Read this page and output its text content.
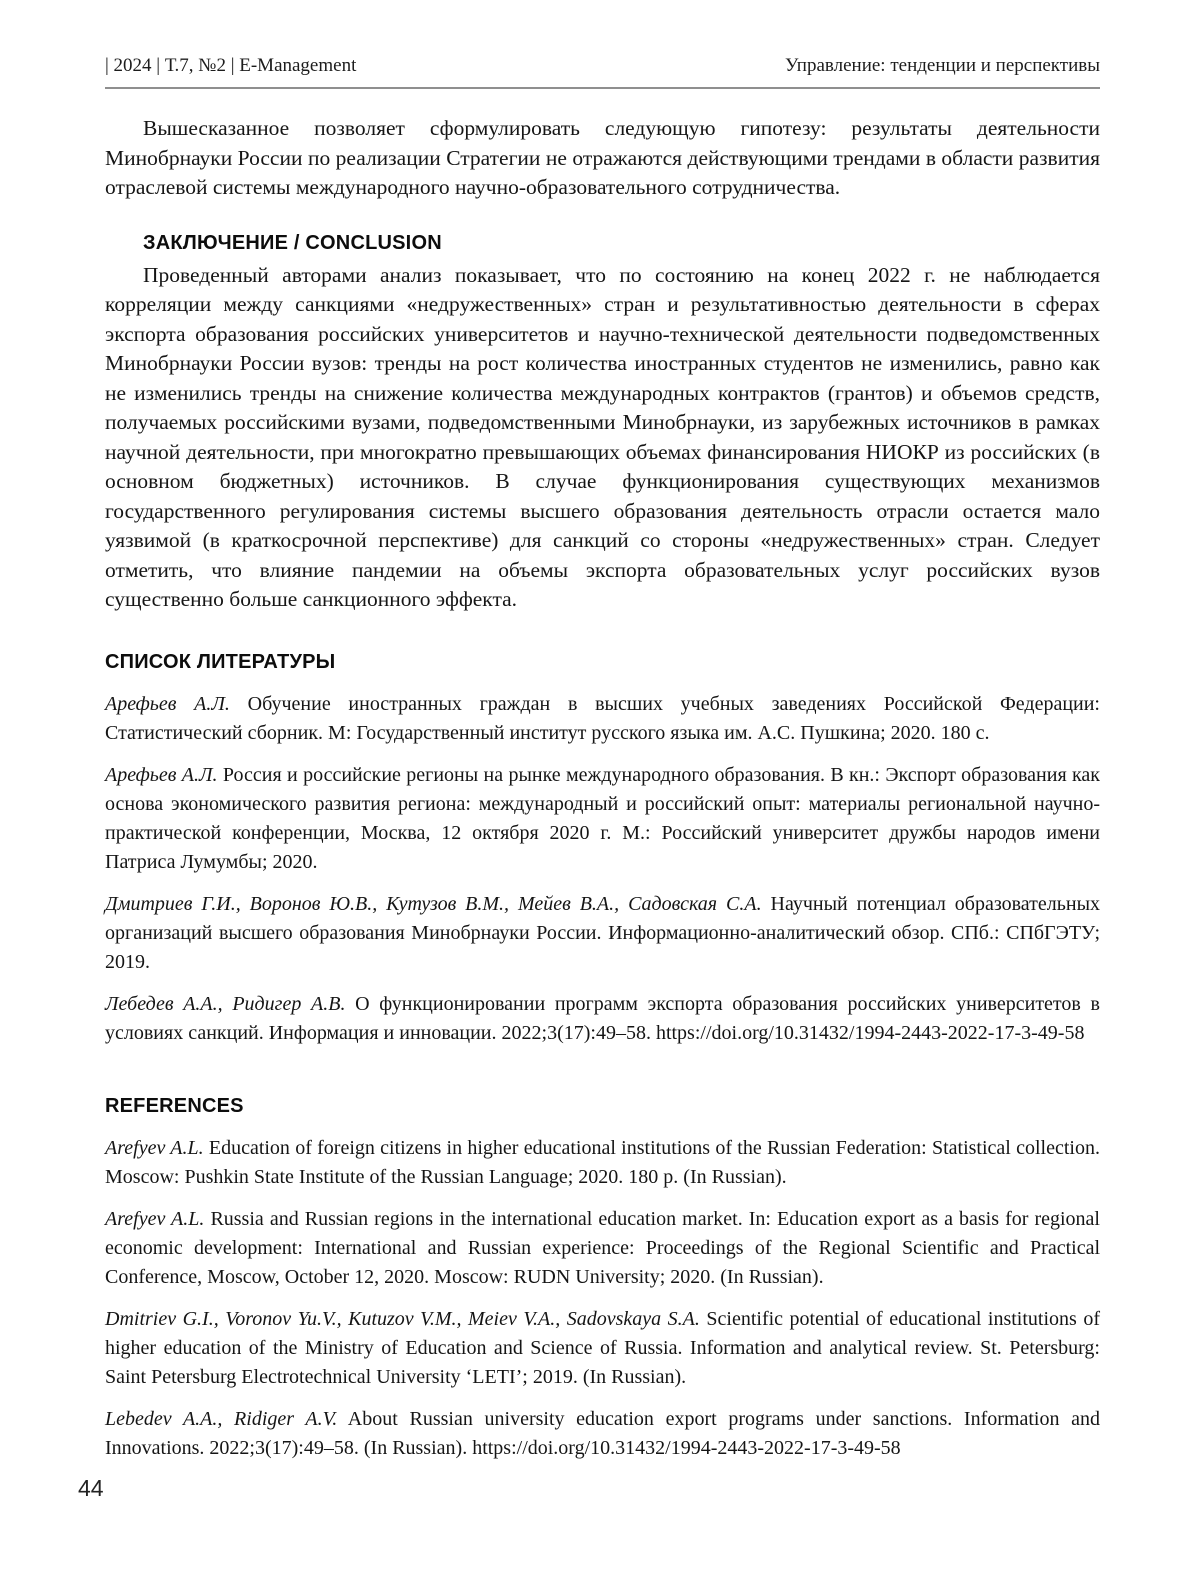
| 2024 | Т.7, №2 | E-Management	Управление: тенденции и перспективы

Вышесказанное позволяет сформулировать следующую гипотезу: результаты деятельности Минобрнауки России по реализации Стратегии не отражаются действующими трендами в области развития отраслевой системы международного научно-образовательного сотрудничества.

ЗАКЛЮЧЕНИЕ / CONCLUSION

Проведенный авторами анализ показывает, что по состоянию на конец 2022 г. не наблюдается корреляции между санкциями «недружественных» стран и результативностью деятельности в сферах экспорта образования российских университетов и научно-технической деятельности подведомственных Минобрнауки России вузов: тренды на рост количества иностранных студентов не изменились, равно как не изменились тренды на снижение количества международных контрактов (грантов) и объемов средств, получаемых российскими вузами, подведомственными Минобрнауки, из зарубежных источников в рамках научной деятельности, при многократно превышающих объемах финансирования НИОКР из российских (в основном бюджетных) источников. В случае функционирования существующих механизмов государственного регулирования системы высшего образования деятельность отрасли остается мало уязвимой (в краткосрочной перспективе) для санкций со стороны «недружественных» стран. Следует отметить, что влияние пандемии на объемы экспорта образовательных услуг российских вузов существенно больше санкционного эффекта.

СПИСОК ЛИТЕРАТУРЫ

Арефьев А.Л. Обучение иностранных граждан в высших учебных заведениях Российской Федерации: Статистический сборник. М: Государственный институт русского языка им. А.С. Пушкина; 2020. 180 с.

Арефьев А.Л. Россия и российские регионы на рынке международного образования. В кн.: Экспорт образования как основа экономического развития региона: международный и российский опыт: материалы региональной научно-практической конференции, Москва, 12 октября 2020 г. М.: Российский университет дружбы народов имени Патриса Лумумбы; 2020.

Дмитриев Г.И., Воронов Ю.В., Кутузов В.М., Мейев В.А., Садовская С.А. Научный потенциал образовательных организаций высшего образования Минобрнауки России. Информационно-аналитический обзор. СПб.: СПбГЭТУ; 2019.

Лебедев А.А., Ридигер А.В. О функционировании программ экспорта образования российских университетов в условиях санкций. Информация и инновации. 2022;3(17):49–58. https://doi.org/10.31432/1994-2443-2022-17-3-49-58

REFERENCES

Arefyev A.L. Education of foreign citizens in higher educational institutions of the Russian Federation: Statistical collection. Moscow: Pushkin State Institute of the Russian Language; 2020. 180 p. (In Russian).

Arefyev A.L. Russia and Russian regions in the international education market. In: Education export as a basis for regional economic development: International and Russian experience: Proceedings of the Regional Scientific and Practical Conference, Moscow, October 12, 2020. Moscow: RUDN University; 2020. (In Russian).

Dmitriev G.I., Voronov Yu.V., Kutuzov V.M., Meiev V.A., Sadovskaya S.A. Scientific potential of educational institutions of higher education of the Ministry of Education and Science of Russia. Information and analytical review. St. Petersburg: Saint Petersburg Electrotechnical University ‘LETI’; 2019. (In Russian).

Lebedev A.A., Ridiger A.V. About Russian university education export programs under sanctions. Information and Innovations. 2022;3(17):49–58. (In Russian). https://doi.org/10.31432/1994-2443-2022-17-3-49-58

44
